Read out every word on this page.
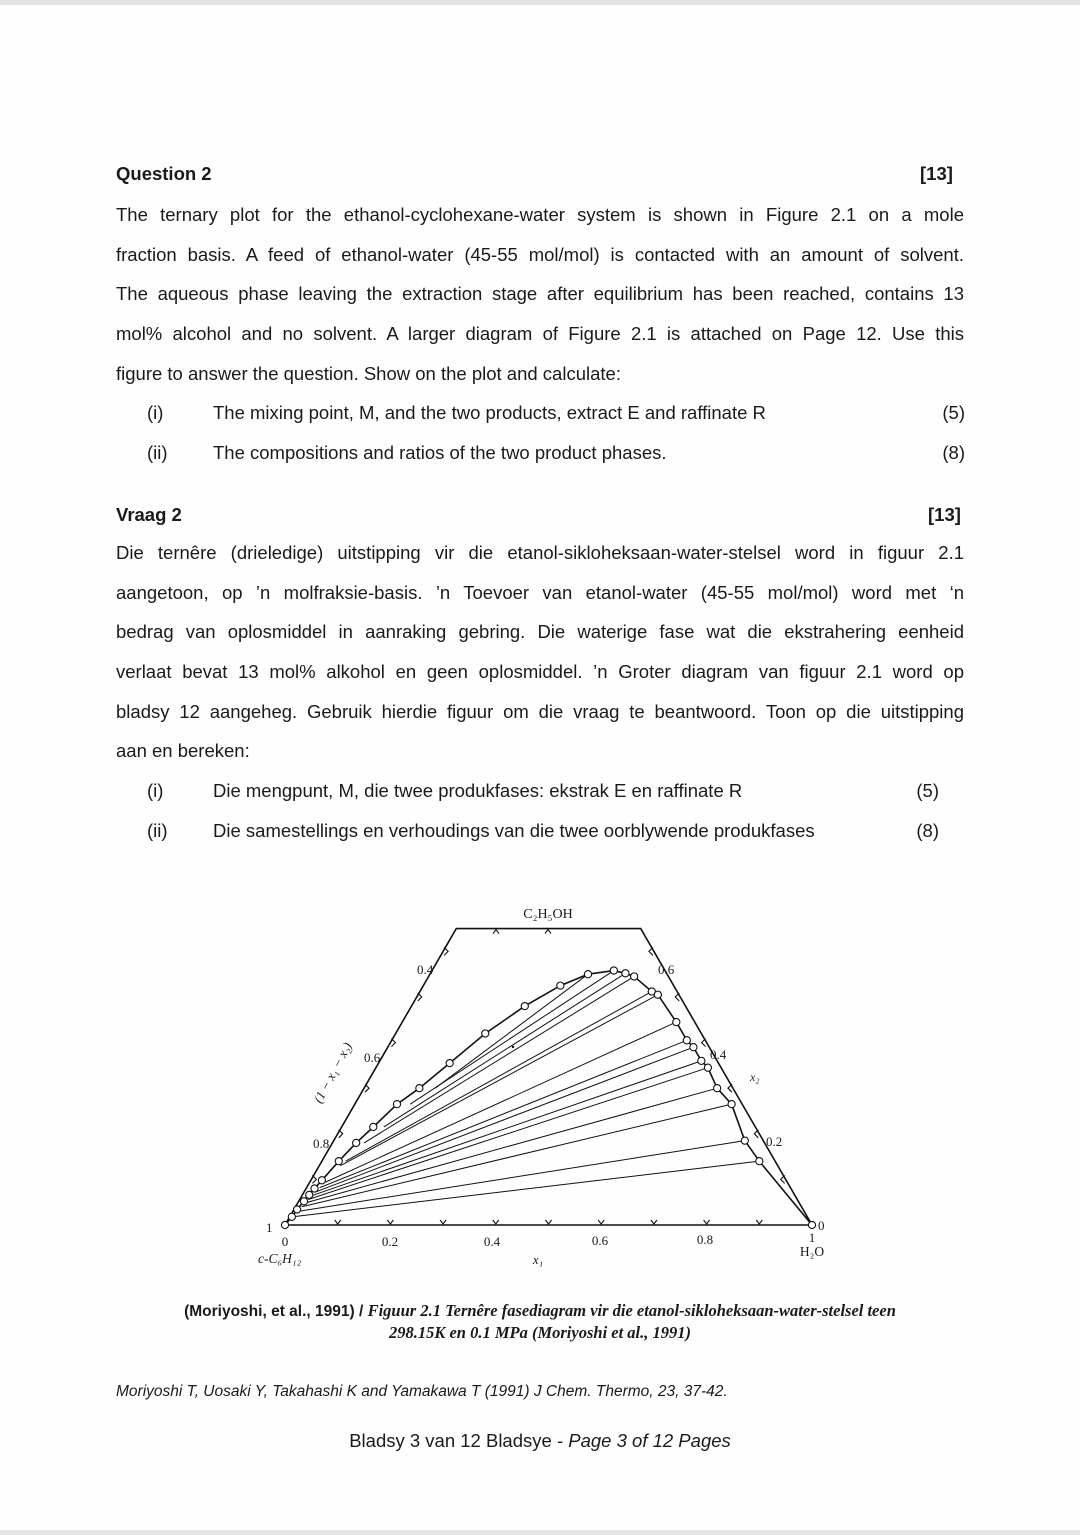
Question 2	[13]
The ternary plot for the ethanol-cyclohexane-water system is shown in Figure 2.1 on a mole
fraction basis. A feed of ethanol-water (45-55 mol/mol) is contacted with an amount of solvent.
The aqueous phase leaving the extraction stage after equilibrium has been reached, contains 13
mol% alcohol and no solvent. A larger diagram of Figure 2.1 is attached on Page 12. Use this
figure to answer the question. Show on the plot and calculate:
(i)	The mixing point, M, and the two products, extract E and raffinate R	(5)
(ii) The compositions and ratios of the two product phases.	(8)
Vraag 2	[13]
Die ternêre (drieledige) uitstipping vir die etanol-sikloheksaan-water-stelsel word in figuur 2.1
aangetoon, op ’n molfraksie-basis. ’n Toevoer van etanol-water (45-55 mol/mol) word met ‘n
bedrag van oplosmiddel in aanraking gebring. Die waterige fase wat die ekstrahering eenheid
verlaat bevat 13 mol% alkohol en geen oplosmiddel. ’n Groter diagram van figuur 2.1 word op
bladsy 12 aangeheg. Gebruik hierdie figuur om die vraag te beantwoord. Toon op die uitstipping
aan en bereken:
(i)	Die mengpunt, M, die twee produkfases: ekstrak E en raffinate R	(5)
(ii) Die samestellings en verhoudings van die twee oorblywende produkfases	(8)
C₂H₅OH
c-C₆H₁₂	H₂O
x₁
x₂
(1 − x₁ − x₂)
0	0.2	0.4	0.6	0.8	1
0.4
0.6
0.8
1
0.6
0.4
0.2
0
(Moriyoshi, et al., 1991) / Figuur 2.1 Ternêre fasediagram vir die etanol-sikloheksaan-water-stelsel teen
298.15K en 0.1 MPa (Moriyoshi et al., 1991)
Moriyoshi T, Uosaki Y, Takahashi K and Yamakawa T (1991) J Chem. Thermo, 23, 37-42.
Bladsy 3 van 12 Bladsye - Page 3 of 12 Pages
